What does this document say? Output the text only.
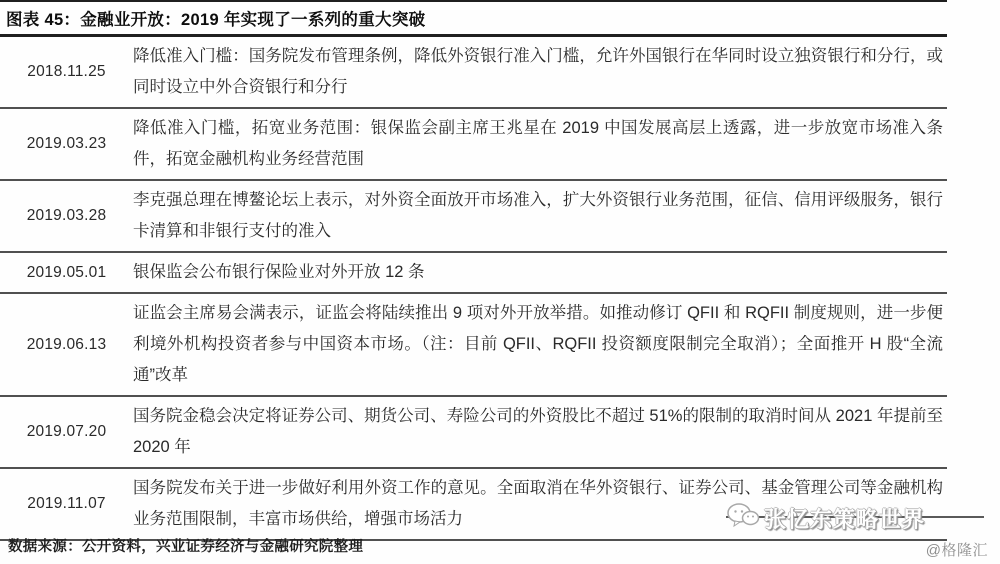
图表 45：金融业开放：2019 年实现了一系列的重大突破
2018.11.25
降低准入门槛：国务院发布管理条例，降低外资银行准入门槛，允许外国银行在华同时设立独资银行和分行，或同时设立中外合资银行和分行
2019.03.23
降低准入门槛，拓宽业务范围：银保监会副主席王兆星在 2019 中国发展高层上透露，进一步放宽市场准入条件，拓宽金融机构业务经营范围
2019.03.28
李克强总理在博鳌论坛上表示，对外资全面放开市场准入，扩大外资银行业务范围，征信、信用评级服务，银行卡清算和非银行支付的准入
2019.05.01	银保监会公布银行保险业对外开放 12 条
2019.06.13
证监会主席易会满表示，证监会将陆续推出 9 项对外开放举措。如推动修订 QFII 和 RQFII 制度规则，进一步便利境外机构投资者参与中国资本市场。（注：目前 QFII、RQFII 投资额度限制完全取消）；全面推开 H 股“全流通”改革
2019.07.20
国务院金稳会决定将证券公司、期货公司、寿险公司的外资股比不超过 51%的限制的取消时间从 2021 年提前至 2020 年
2019.11.07
国务院发布关于进一步做好利用外资工作的意见。全面取消在华外资银行、证券公司、基金管理公司等金融机构业务范围限制，丰富市场供给，增强市场活力
数据来源：公开资料，兴业证券经济与金融研究院整理
张忆东策略世界
@格隆汇
